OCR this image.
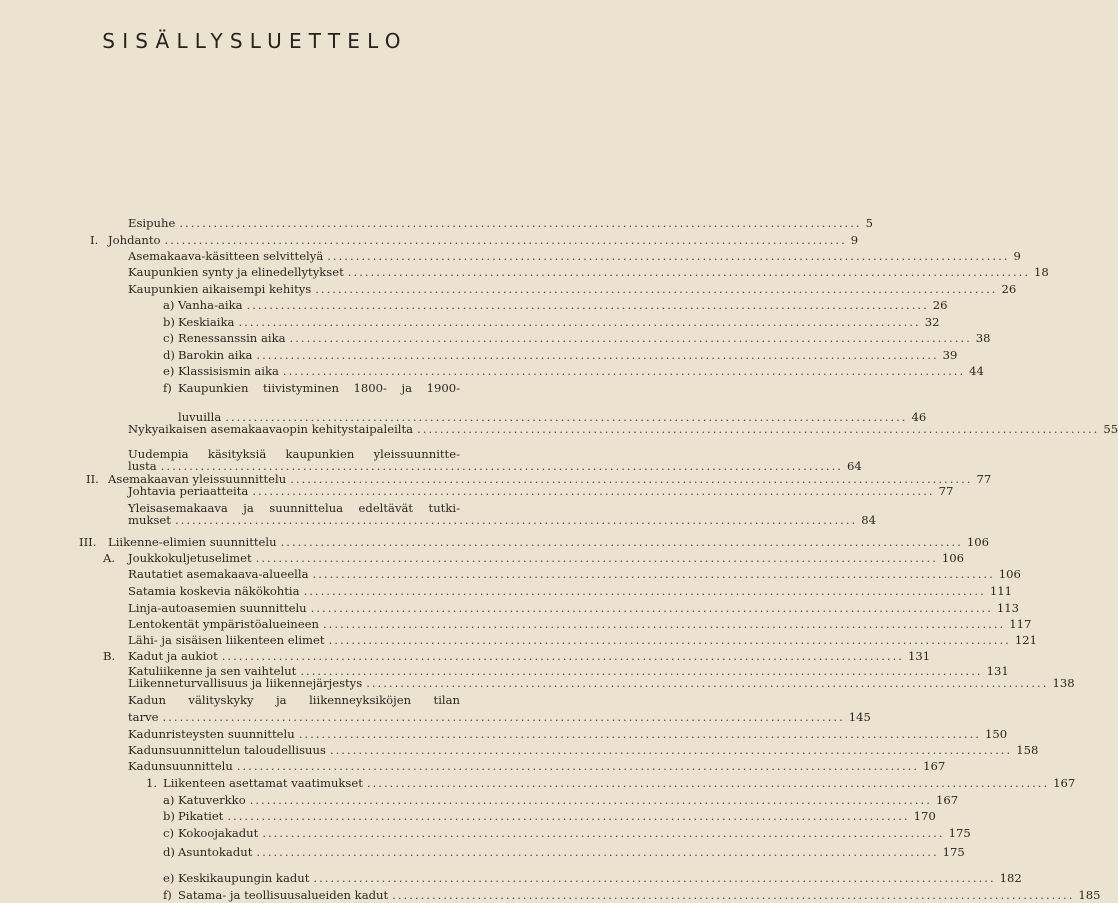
SISÄLLYSLUETTELO
Esipuhe ........................................................................................................................ 5
I. Johdanto ........................................................................................................................ 9
Asemakaava-käsitteen selvittelyä ........................................................................................................................ 9
Kaupunkien synty ja elinedellytykset ........................................................................................................................ 18
Kaupunkien aikaisempi kehitys ........................................................................................................................ 26
a) Vanha-aika ........................................................................................................................ 26
b) Keskiaika ........................................................................................................................ 32
c) Renessanssin aika ........................................................................................................................ 38
d) Barokin aika ........................................................................................................................ 39
e) Klassisismin aika ........................................................................................................................ 44
f) Kaupunkien tiivistyminen 1800- ja 1900-
luvuilla ........................................................................................................................ 46
Nykyaikaisen asemakaavaopin kehitystaipaleilta ........................................................................................................................ 55
Uudempia käsityksiä kaupunkien yleissuunnitte-
lusta ........................................................................................................................ 64
II. Asemakaavan yleissuunnittelu ........................................................................................................................ 77
Johtavia periaatteita ........................................................................................................................ 77
Yleisasemakaava ja suunnittelua edeltävät tutki-
mukset ........................................................................................................................ 84
III. Liikenne-elimien suunnittelu ........................................................................................................................ 106
A. Joukkokuljetuselimet ........................................................................................................................ 106
Rautatiet asemakaava-alueella ........................................................................................................................ 106
Satamia koskevia näkökohtia ........................................................................................................................ 111
Linja-autoasemien suunnittelu ........................................................................................................................ 113
Lentokentät ympäristöalueineen ........................................................................................................................ 117
Lähi- ja sisäisen liikenteen elimet ........................................................................................................................ 121
B. Kadut ja aukiot ........................................................................................................................ 131
Katuliikenne ja sen vaihtelut ........................................................................................................................ 131
Liikenneturvallisuus ja liikennejärjestys ........................................................................................................................ 138
Kadun välityskyky ja liikenneyksiköjen tilan
tarve ........................................................................................................................ 145
Kadunristeysten suunnittelu ........................................................................................................................ 150
Kadunsuunnittelun taloudellisuus ........................................................................................................................ 158
Kadunsuunnittelu ........................................................................................................................ 167
1. Liikenteen asettamat vaatimukset ........................................................................................................................ 167
a) Katuverkko ........................................................................................................................ 167
b) Pikatiet ........................................................................................................................ 170
c) Kokoojakadut ........................................................................................................................ 175
d) Asuntokadut ........................................................................................................................ 175
e) Keskikaupungin kadut ........................................................................................................................ 182
f) Satama- ja teollisuusalueiden kadut ........................................................................................................................ 185
